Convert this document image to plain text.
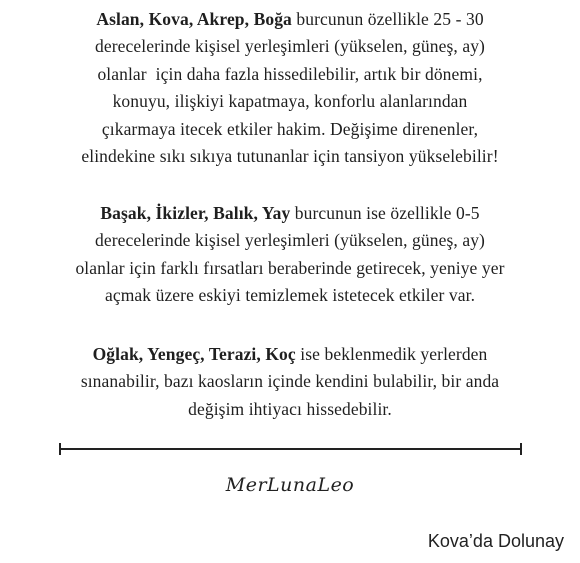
Aslan, Kova, Akrep, Boğa burcunun özellikle 25 - 30
derecelerinde kişisel yerleşimleri (yükselen, güneş, ay)
olanlar  için daha fazla hissedilebilir, artık bir dönemi,
konuyu, ilişkiyi kapatmaya, konforlu alanlarından
çıkarmaya itecek etkiler hakim. Değişime direnenler,
elindekine sıkı sıkıya tutunanlar için tansiyon yükselebilir!
Başak, İkizler, Balık, Yay burcunun ise özellikle 0-5
derecelerinde kişisel yerleşimleri (yükselen, güneş, ay)
olanlar için farklı fırsatları beraberinde getirecek, yeniye yer
açmak üzere eskiyi temizlemek istetecek etkiler var.
Oğlak, Yengeç, Terazi, Koç ise beklenmedik yerlerden
sınanabilir, bazı kaosların içinde kendini bulabilir, bir anda
değişim ihtiyacı hissedebilir.
MerLunaLeo
Kova’da Dolunay
